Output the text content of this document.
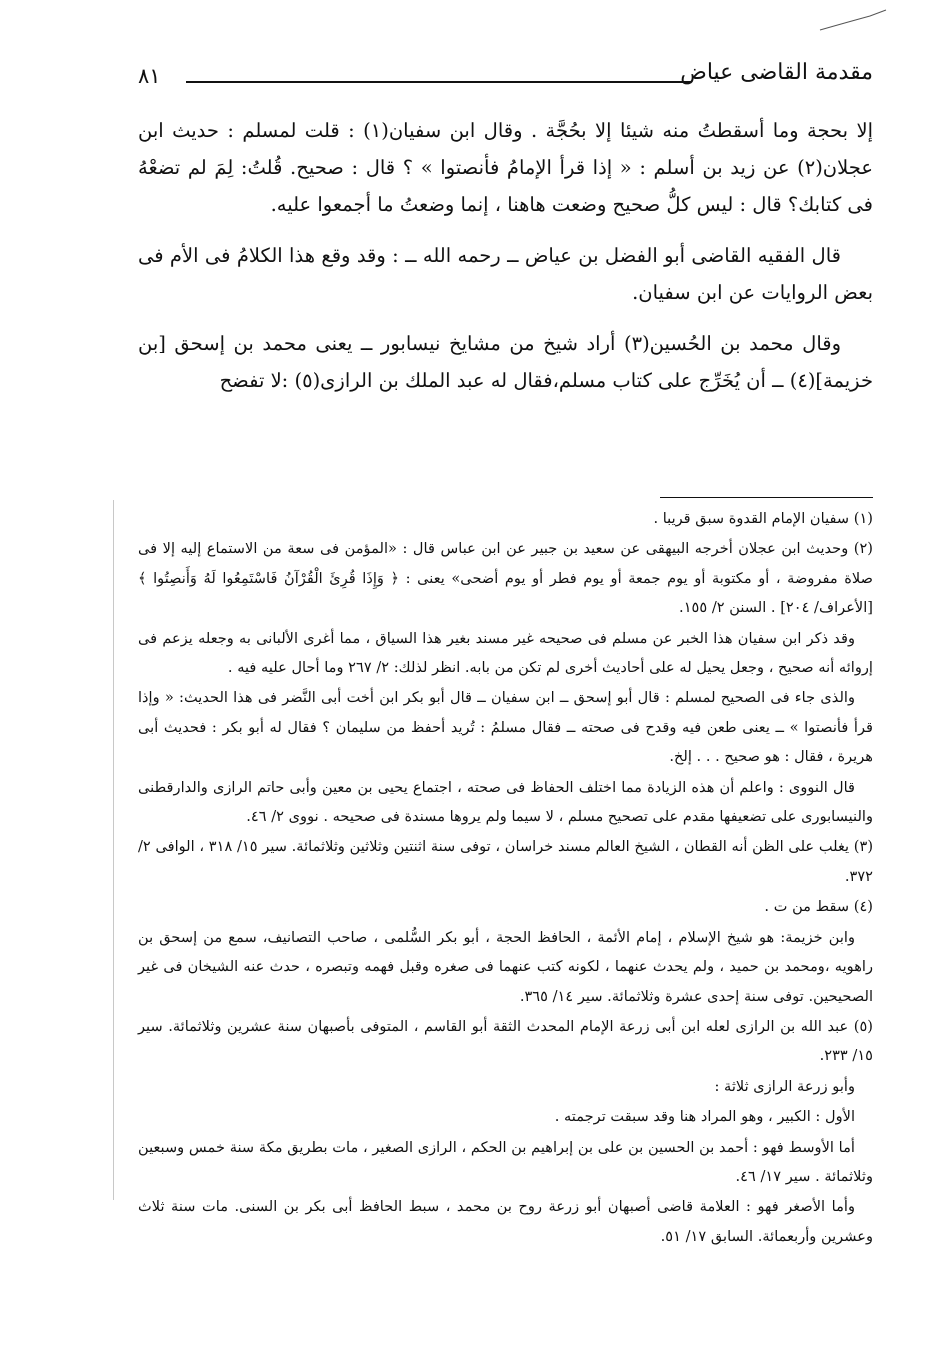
٨١	مقدمة القاضى عياض

إلا بحجة وما أسقطتُ منه شيئا إلا بحُجَّة . وقال ابن سفيان(١) : قلت لمسلم : حديث ابن عجلان(٢) عن زيد بن أسلم : « إذا قرأ الإمامُ فأنصتوا » ؟ قال : صحيح. قُلتُ: لِمَ لم تضعْهُ فى كتابك؟ قال : ليس كلُّ صحيح وضعت هاهنا ، إنما وضعتُ ما أجمعوا عليه.

قال الفقيه القاضى أبو الفضل بن عياض ــ رحمه الله ــ : وقد وقع هذا الكلامُ فى الأم فى بعض الروايات عن ابن سفيان.

وقال محمد بن الحُسين(٣) أراد شيخ من مشايخ نيسابور ــ يعنى محمد بن إسحق [بن خزيمة](٤) ــ أن يُخَرِّج على كتاب مسلم،فقال له عبد الملك بن الرازى(٥) :لا تفضح

(١) سفيان الإمام القدوة سبق قريبا .

(٢) وحديث ابن عجلان أخرجه البيهقى عن سعيد بن جبير عن ابن عباس قال : «المؤمن فى سعة من الاستماع إليه إلا فى صلاة مفروضة ، أو مكتوبة أو يوم جمعة أو يوم فطر أو يوم أضحى» يعنى : ﴿ وَإِذَا قُرِئَ الْقُرْآنُ فَاسْتَمِعُوا لَهُ وَأَنصِتُوا ﴾ [الأعراف/ ٢٠٤] . السنن ٢/ ١٥٥.

وقد ذكر ابن سفيان هذا الخبر عن مسلم فى صحيحه غير مسند بغير هذا السياق ، مما أغرى الألبانى به وجعله يزعم فى إروائه أنه صحيح ، وجعل يحيل له على أحاديث أخرى لم تكن من بابه. انظر لذلك: ٢/ ٢٦٧ وما أحال عليه فيه .

والذى جاء فى الصحيح لمسلم : قال أبو إسحق ــ ابن سفيان ــ قال أبو بكر ابن أخت أبى النَّضر فى هذا الحديث: « وإذا قرأ فأنصتوا » ــ يعنى طعن فيه وقدح فى صحته ــ فقال مسلمُ : تُريد أحفظ من سليمان ؟ فقال له أبو بكر : فحديث أبى هريرة ، فقال : هو صحيح . . . إلخ.

قال النووى : واعلم أن هذه الزيادة مما اختلف الحفاظ فى صحته ، اجتماع يحيى بن معين وأبى حاتم الرازى والدارقطنى والنيسابورى على تضعيفها مقدم على تصحيح مسلم ، لا سيما ولم يروها مسندة فى صحيحه . نووى ٢/ ٤٦.

(٣) يغلب على الظن أنه القطان ، الشيخ العالم مسند خراسان ، توفى سنة اثنتين وثلاثين وثلاثمائة. سير ١٥/ ٣١٨ ، الوافى ٢/ ٣٧٢.

(٤) سقط من ت .

وابن خزيمة: هو شيخ الإسلام ، إمام الأئمة ، الحافظ الحجة ، أبو بكر السُّلمى ، صاحب التصانيف، سمع من إسحق بن راهويه ،ومحمد بن حميد ، ولم يحدث عنهما ، لكونه كتب عنهما فى صغره وقبل فهمه وتبصره ، حدث عنه الشيخان فى غير الصحيحين. توفى سنة إحدى عشرة وثلاثمائة. سير ١٤/ ٣٦٥.

(٥) عبد الله بن الرازى لعله ابن أبى زرعة الإمام المحدث الثقة أبو القاسم ، المتوفى بأصبهان سنة عشرين وثلاثمائة. سير ١٥/ ٢٣٣.

وأبو زرعة الرازى ثلاثة :

الأول : الكبير ، وهو المراد هنا وقد سبقت ترجمته .

أما الأوسط فهو : أحمد بن الحسين بن على بن إبراهيم بن الحكم ، الرازى الصغير ، مات بطريق مكة سنة خمس وسبعين وثلاثمائة . سير ١٧/ ٤٦.

وأما الأصغر فهو : العلامة قاضى أصبهان أبو زرعة روح بن محمد ، سبط الحافظ أبى بكر بن السنى. مات سنة ثلاث وعشرين وأربعمائة. السابق ١٧/ ٥١.
